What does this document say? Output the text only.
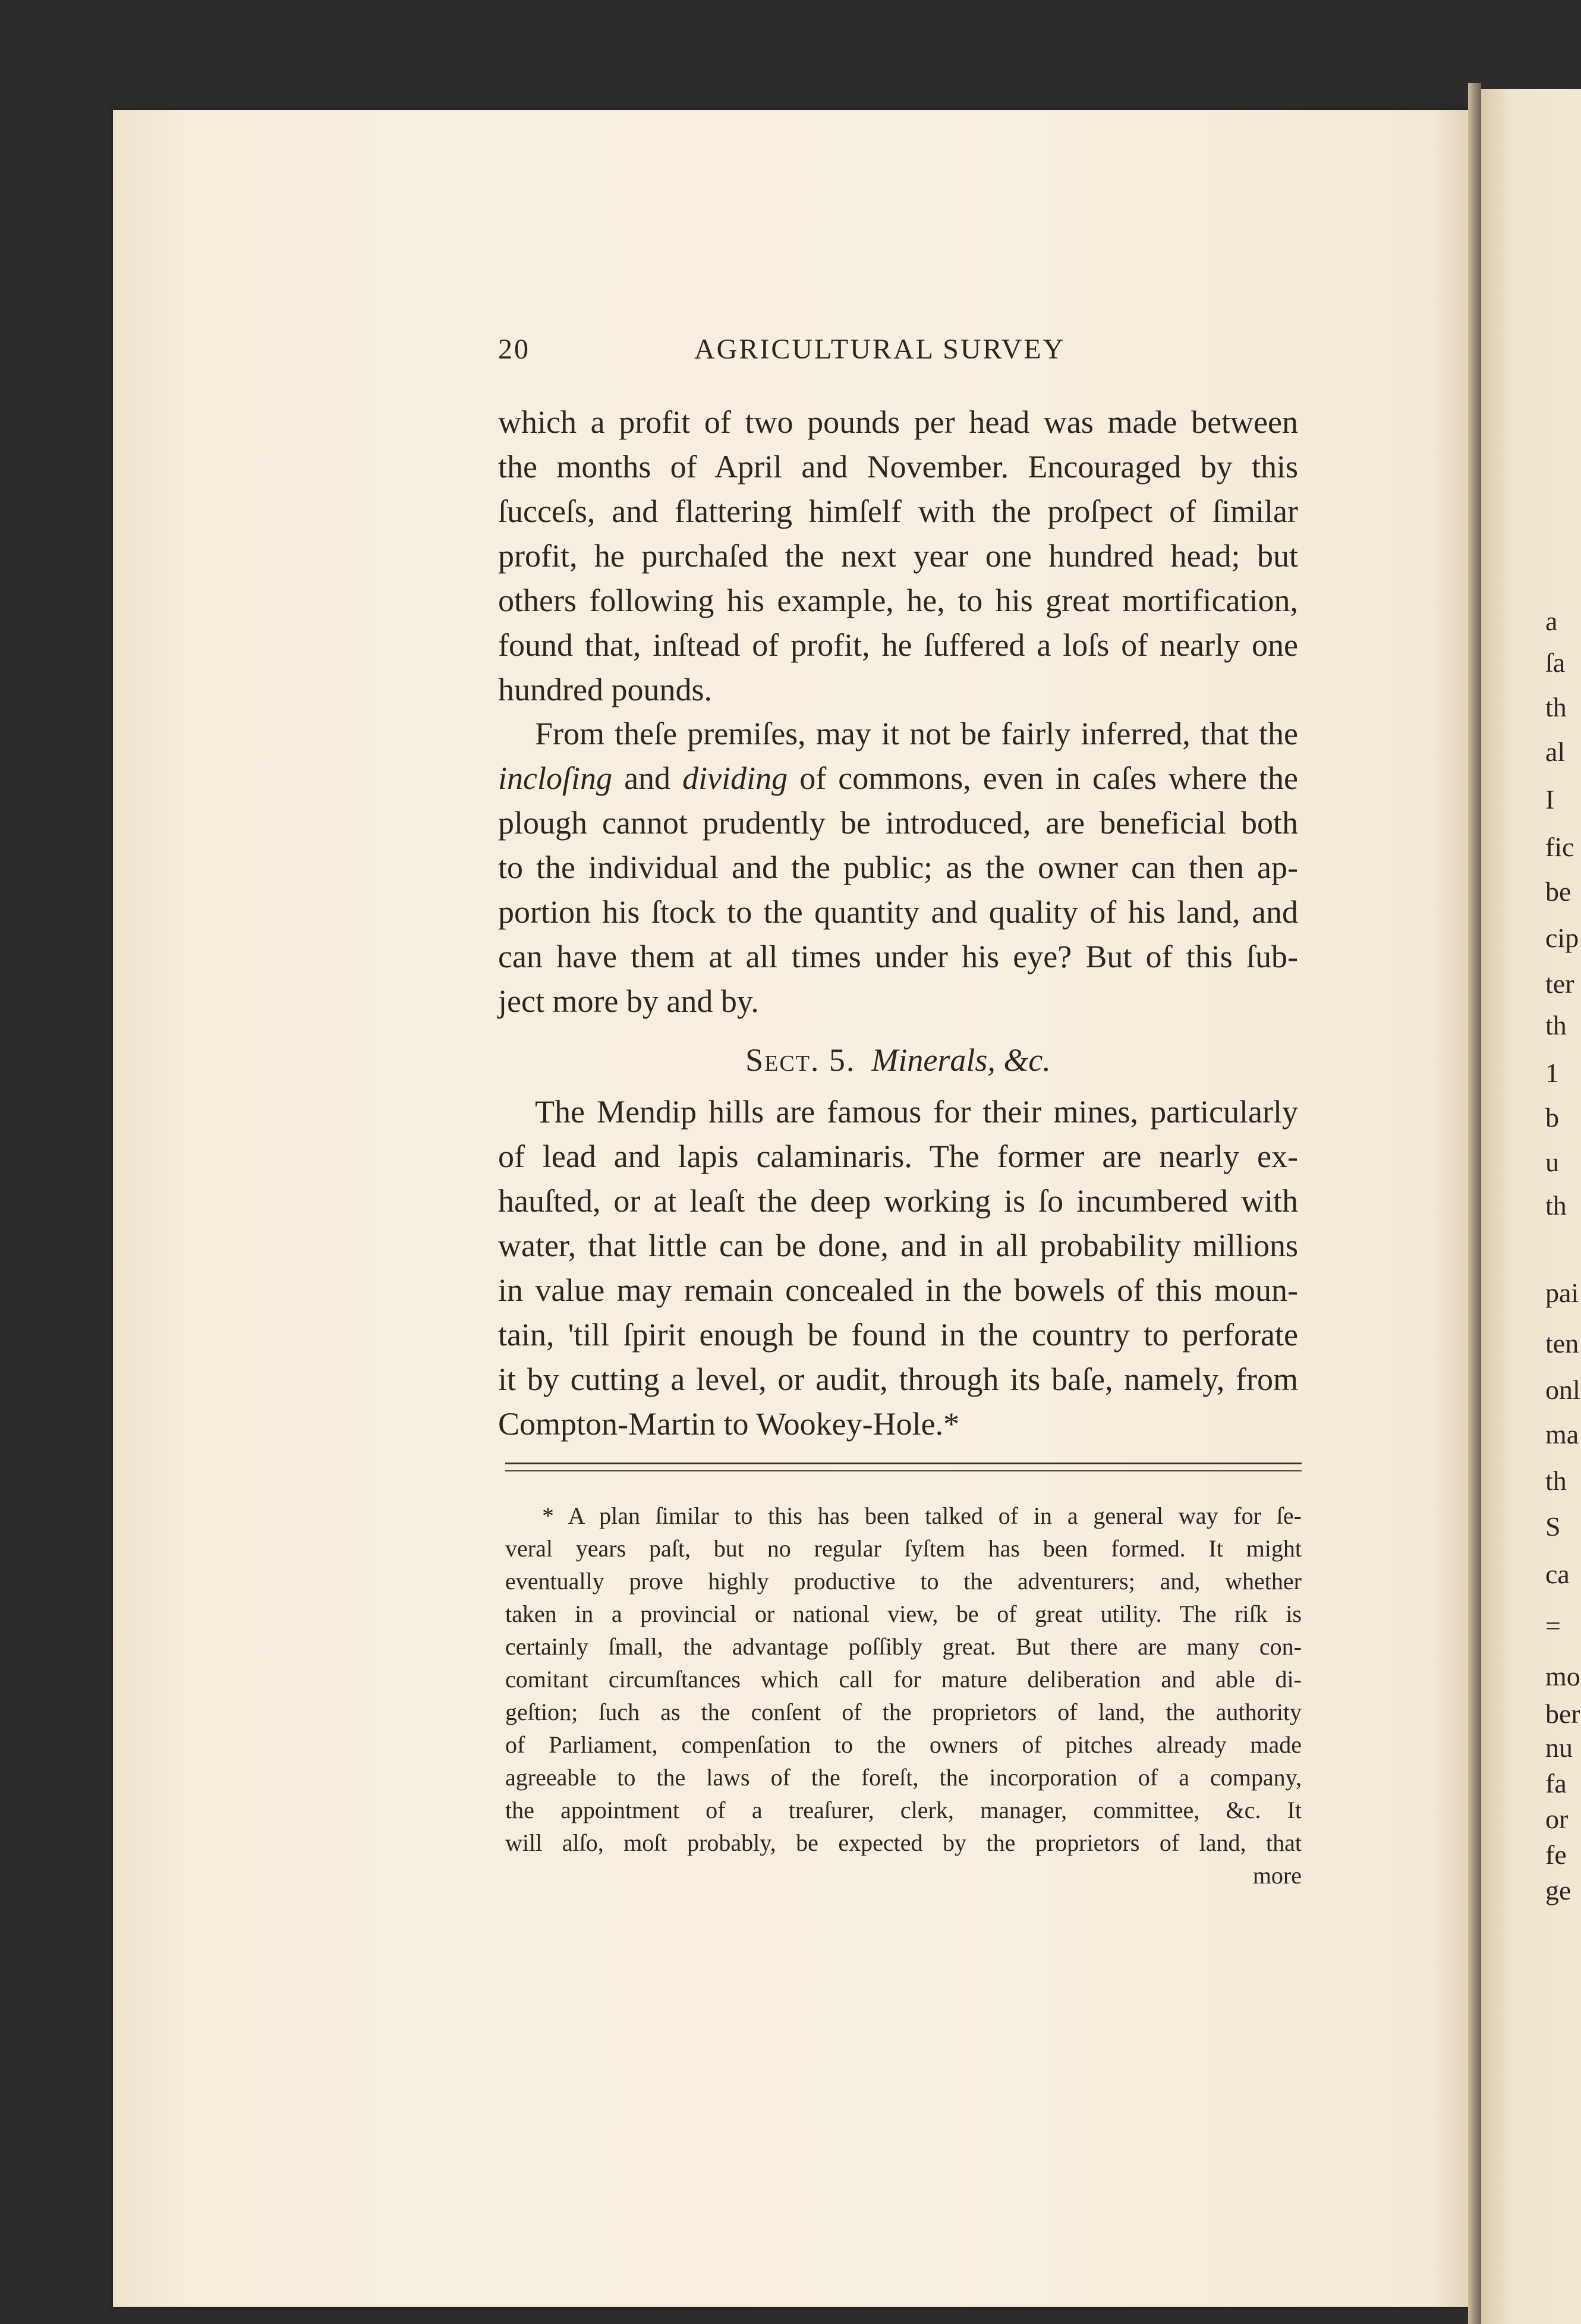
a
ſa
th
al
I
fic
be
cip
ter
th
1
b
u
th
pai
ten
onl
ma
th
S
ca
=
mo
ber
nu
fa
or
fe
ge
20	AGRICULTURAL SURVEY
which a profit of two pounds per head was made between
the months of April and November. Encouraged by this
ſucceſs, and flattering himſelf with the proſpect of ſimilar
profit, he purchaſed the next year one hundred head; but
others following his example, he, to his great mortification,
found that, inſtead of profit, he ſuffered a loſs of nearly one
hundred pounds.
From theſe premiſes, may it not be fairly inferred, that the
incloſing and dividing of commons, even in caſes where the
plough cannot prudently be introduced, are beneficial both
to the individual and the public; as the owner can then ap-
portion his ſtock to the quantity and quality of his land, and
can have them at all times under his eye? But of this ſub-
ject more by and by.
Sect. 5. Minerals, &c.
The Mendip hills are famous for their mines, particularly
of lead and lapis calaminaris. The former are nearly ex-
hauſted, or at leaſt the deep working is ſo incumbered with
water, that little can be done, and in all probability millions
in value may remain concealed in the bowels of this moun-
tain, 'till ſpirit enough be found in the country to perforate
it by cutting a level, or audit, through its baſe, namely, from
Compton-Martin to Wookey-Hole.*
* A plan ſimilar to this has been talked of in a general way for ſe-
veral years paſt, but no regular ſyſtem has been formed. It might
eventually prove highly productive to the adventurers; and, whether
taken in a provincial or national view, be of great utility. The riſk is
certainly ſmall, the advantage poſſibly great. But there are many con-
comitant circumſtances which call for mature deliberation and able di-
geſtion; ſuch as the conſent of the proprietors of land, the authority
of Parliament, compenſation to the owners of pitches already made
agreeable to the laws of the foreſt, the incorporation of a company,
the appointment of a treaſurer, clerk, manager, committee, &c. It
will alſo, moſt probably, be expected by the proprietors of land, that
more
